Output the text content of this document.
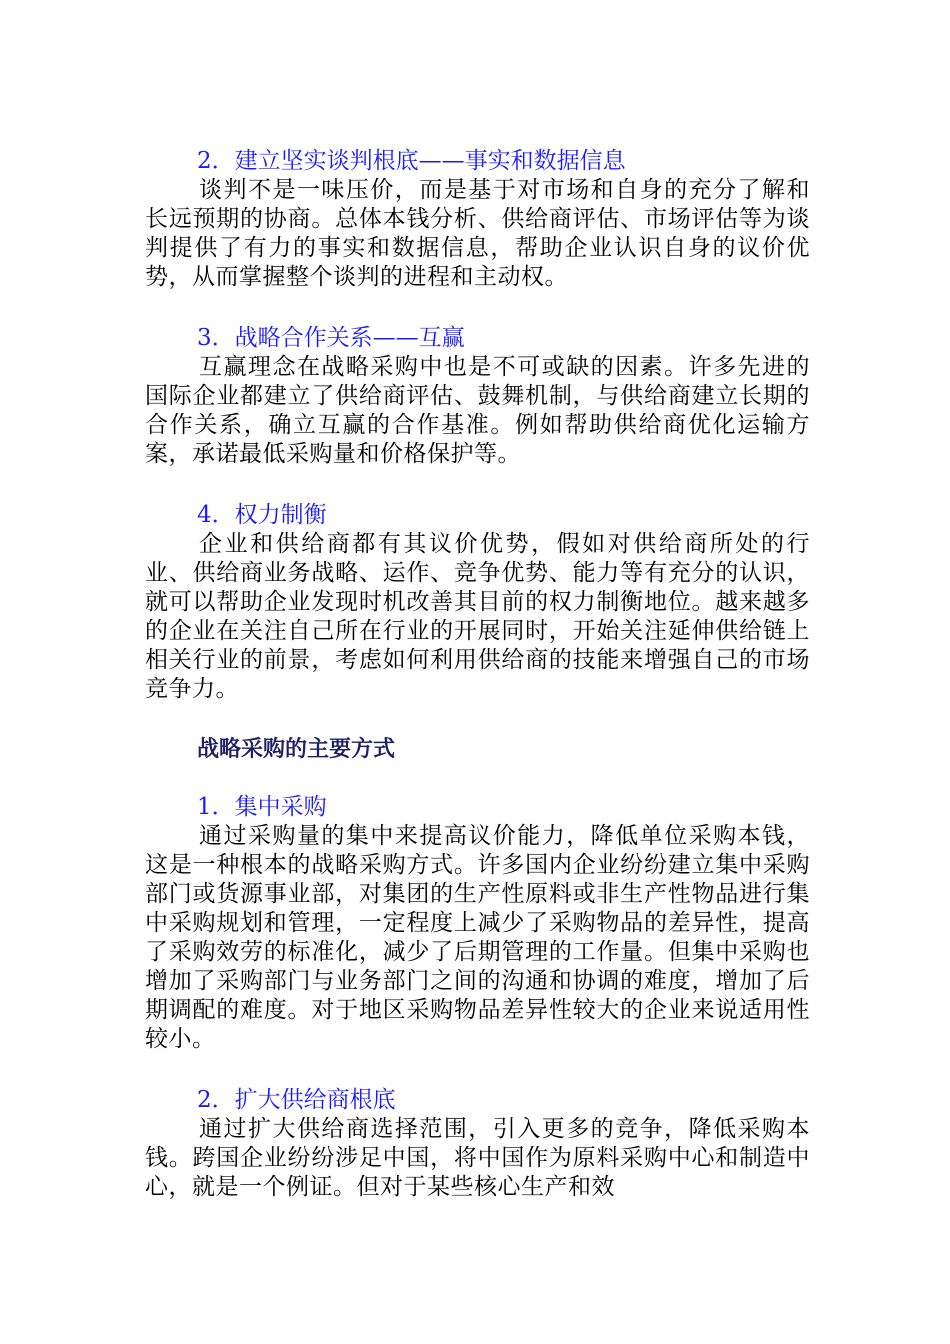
2．建立坚实谈判根底——事实和数据信息

谈判不是一味压价，而是基于对市场和自身的充分了解和长远预期的协商。总体本钱分析、供给商评估、市场评估等为谈判提供了有力的事实和数据信息，帮助企业认识自身的议价优势，从而掌握整个谈判的进程和主动权。

3．战略合作关系——互赢

互赢理念在战略采购中也是不可或缺的因素。许多先进的国际企业都建立了供给商评估、鼓舞机制，与供给商建立长期的合作关系，确立互赢的合作基准。例如帮助供给商优化运输方案，承诺最低采购量和价格保护等。

4．权力制衡

企业和供给商都有其议价优势，假如对供给商所处的行业、供给商业务战略、运作、竞争优势、能力等有充分的认识，就可以帮助企业发现时机改善其目前的权力制衡地位。越来越多的企业在关注自己所在行业的开展同时，开始关注延伸供给链上相关行业的前景，考虑如何利用供给商的技能来增强自己的市场竞争力。

战略采购的主要方式

1．集中采购

通过采购量的集中来提高议价能力，降低单位采购本钱，这是一种根本的战略采购方式。许多国内企业纷纷建立集中采购部门或货源事业部，对集团的生产性原料或非生产性物品进行集中采购规划和管理，一定程度上减少了采购物品的差异性，提高了采购效劳的标准化，减少了后期管理的工作量。但集中采购也增加了采购部门与业务部门之间的沟通和协调的难度，增加了后期调配的难度。对于地区采购物品差异性较大的企业来说适用性较小。

2．扩大供给商根底

通过扩大供给商选择范围，引入更多的竞争，降低采购本钱。跨国企业纷纷涉足中国，将中国作为原料采购中心和制造中心，就是一个例证。但对于某些核心生产和效
